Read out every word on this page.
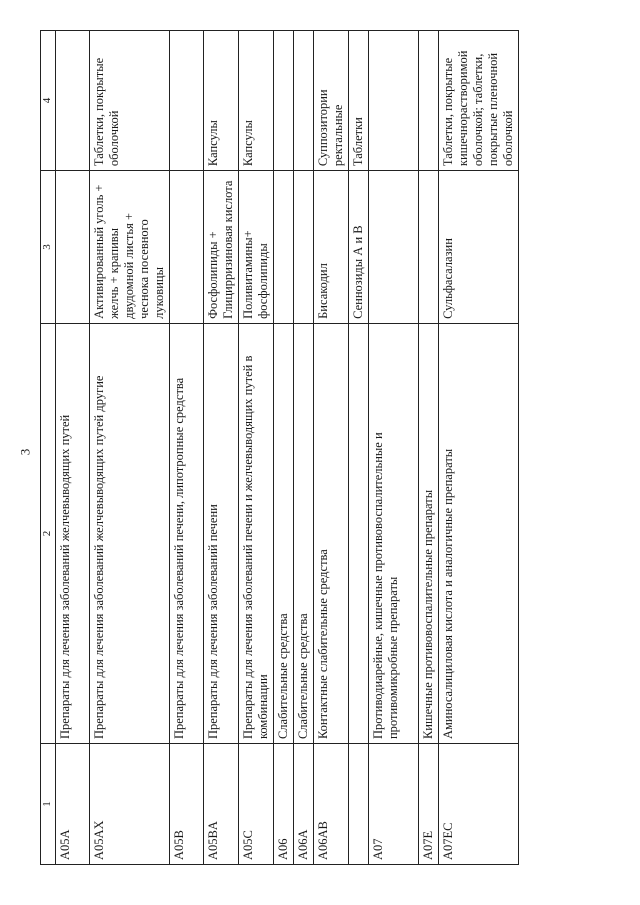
3
1	2	3	4
A05A	Препараты для лечения заболеваний желчевыводящих путей		
A05AX	Препараты для лечения заболеваний желчевыводящих путей другие	Активированный уголь + желчь + крапивы двудомной листья + чеснока посевного луковицы	Таблетки, покрытые оболочкой
A05B	Препараты для лечения заболеваний печени, липотропные средства		
A05BA	Препараты для лечения заболеваний печени	Фосфолипиды + Глицирризиновая кислота	Капсулы
A05C	Препараты для лечения заболеваний печени и желчевыводящих путей в комбинации	Поливитамины+ фосфолипиды	Капсулы
A06	Слабительные средства		
A06A	Слабительные средства		
A06AB	Контактные слабительные средства	Бисакодил	Суппозитории ректальные
		Сеннозиды А и В	Таблетки
A07	Противодиарейные, кишечные противовоспалительные и противомикробные препараты		
A07E	Кишечные противовоспалительные препараты		
A07EC	Аминосалициловая кислота и аналогичные препараты	Сульфасалазин	Таблетки, покрытые кишечнорастворимой оболочкой; таблетки, покрытые пленочной оболочкой
